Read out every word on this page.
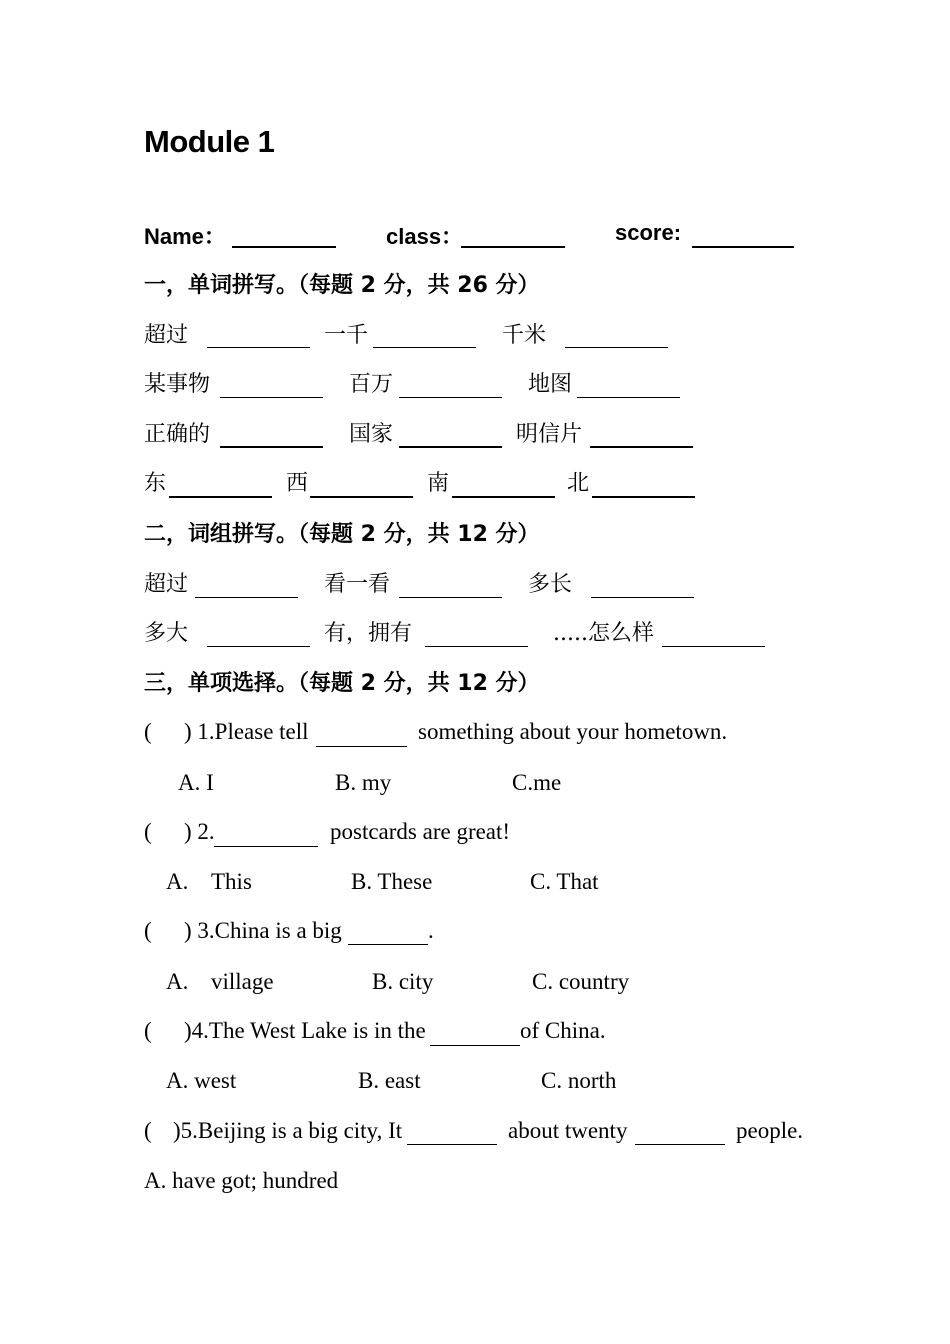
Module 1
Name：	class：	score:
一，单词拼写。（每题 2 分，共 26 分）
超过	一千	千米
某事物	百万	地图
正确的	国家	明信片
东	西	南	北
二，词组拼写。（每题 2 分，共 12 分）
超过	看一看	多长
多大	有，拥有	.....怎么样
三，单项选择。（每题 2 分，共 12 分）
( ) 1.Please tell	something about your hometown.
A. I	B. my	C.me
( ) 2.	postcards are great!
A. This	B. These	C. That
( ) 3.China is a big	.
A. village	B. city	C. country
( )4.The West Lake is in the	of China.
A. west	B. east	C. north
( )5.Beijing is a big city, It	about twenty	people.
A. have got; hundred
